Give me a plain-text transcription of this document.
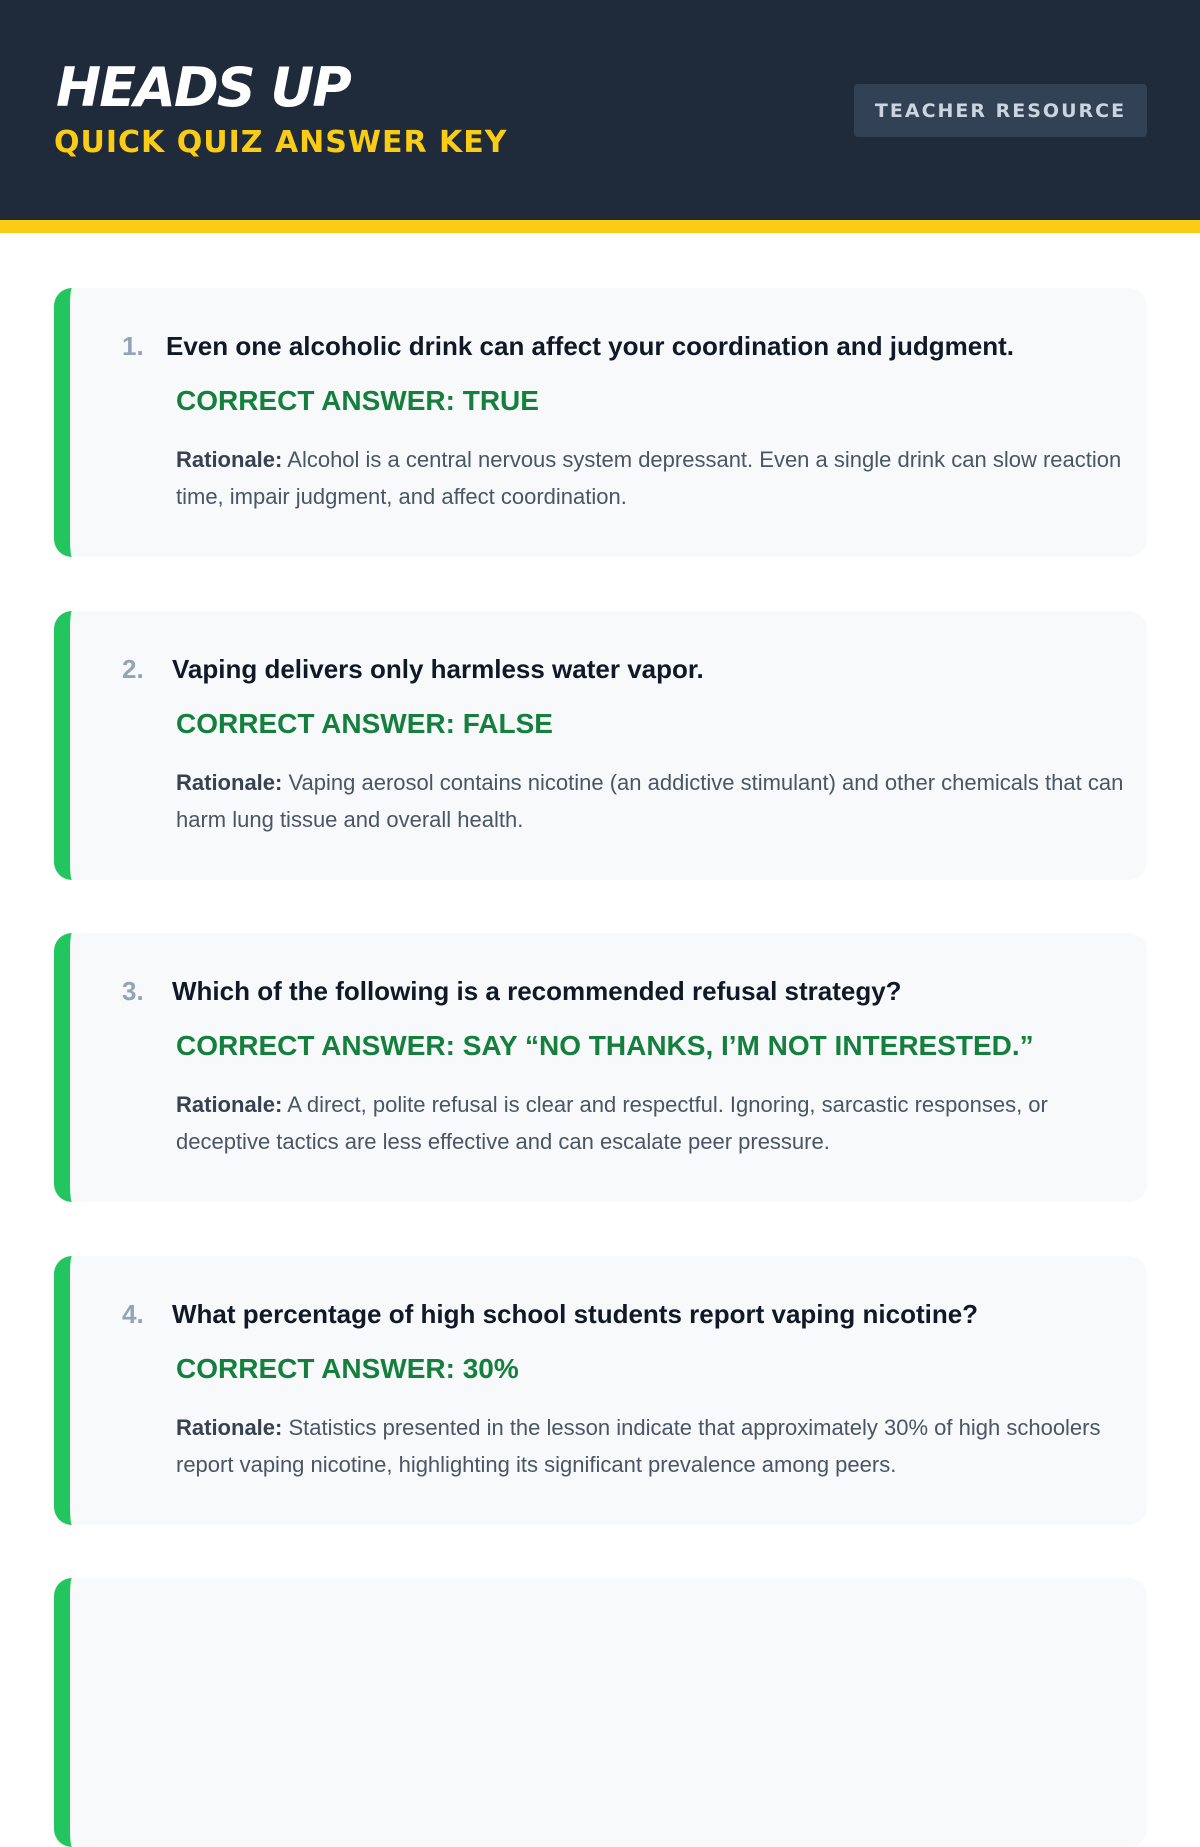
HEADS UP
QUICK QUIZ ANSWER KEY
TEACHER RESOURCE
1. Even one alcoholic drink can affect your coordination and judgment.
CORRECT ANSWER: TRUE
Rationale: Alcohol is a central nervous system depressant. Even a single drink can slow reaction time, impair judgment, and affect coordination.
2. Vaping delivers only harmless water vapor.
CORRECT ANSWER: FALSE
Rationale: Vaping aerosol contains nicotine (an addictive stimulant) and other chemicals that can harm lung tissue and overall health.
3. Which of the following is a recommended refusal strategy?
CORRECT ANSWER: SAY “NO THANKS, I’M NOT INTERESTED.”
Rationale: A direct, polite refusal is clear and respectful. Ignoring, sarcastic responses, or deceptive tactics are less effective and can escalate peer pressure.
4. What percentage of high school students report vaping nicotine?
CORRECT ANSWER: 30%
Rationale: Statistics presented in the lesson indicate that approximately 30% of high schoolers report vaping nicotine, highlighting its significant prevalence among peers.
